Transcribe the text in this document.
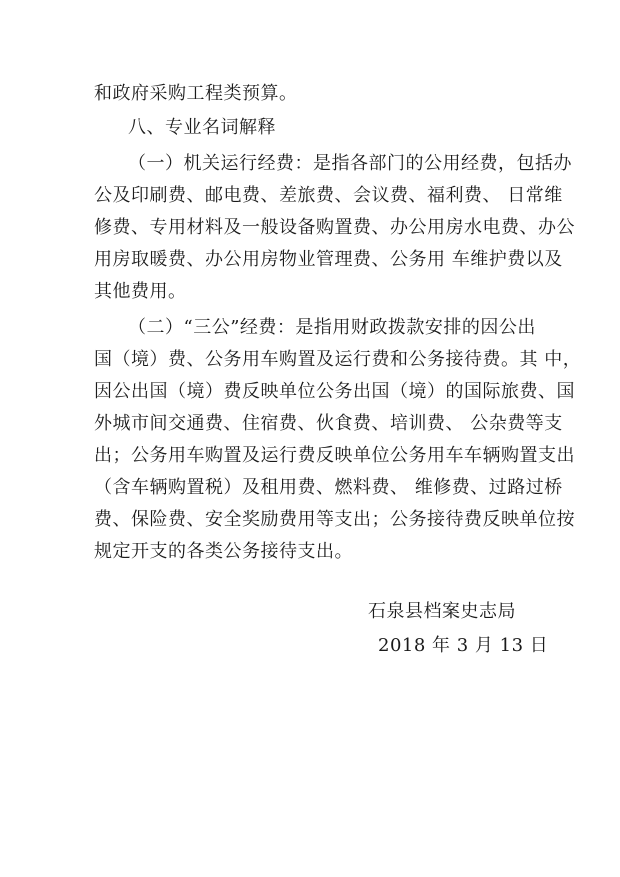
和政府采购工程类预算。
八、专业名词解释
（一）机关运行经费：是指各部门的公用经费，包括办
公及印刷费、邮电费、差旅费、会议费、福利费、 日常维
修费、专用材料及一般设备购置费、办公用房水电费、办公
用房取暖费、办公用房物业管理费、公务用 车维护费以及
其他费用。
（二）“三公”经费：是指用财政拨款安排的因公出
国（境）费、公务用车购置及运行费和公务接待费。其 中，
因公出国（境）费反映单位公务出国（境）的国际旅费、国
外城市间交通费、住宿费、伙食费、培训费、 公杂费等支
出；公务用车购置及运行费反映单位公务用车车辆购置支出
（含车辆购置税）及租用费、燃料费、 维修费、过路过桥
费、保险费、安全奖励费用等支出；公务接待费反映单位按
规定开支的各类公务接待支出。
石泉县档案史志局
2018 年 3 月 13 日
